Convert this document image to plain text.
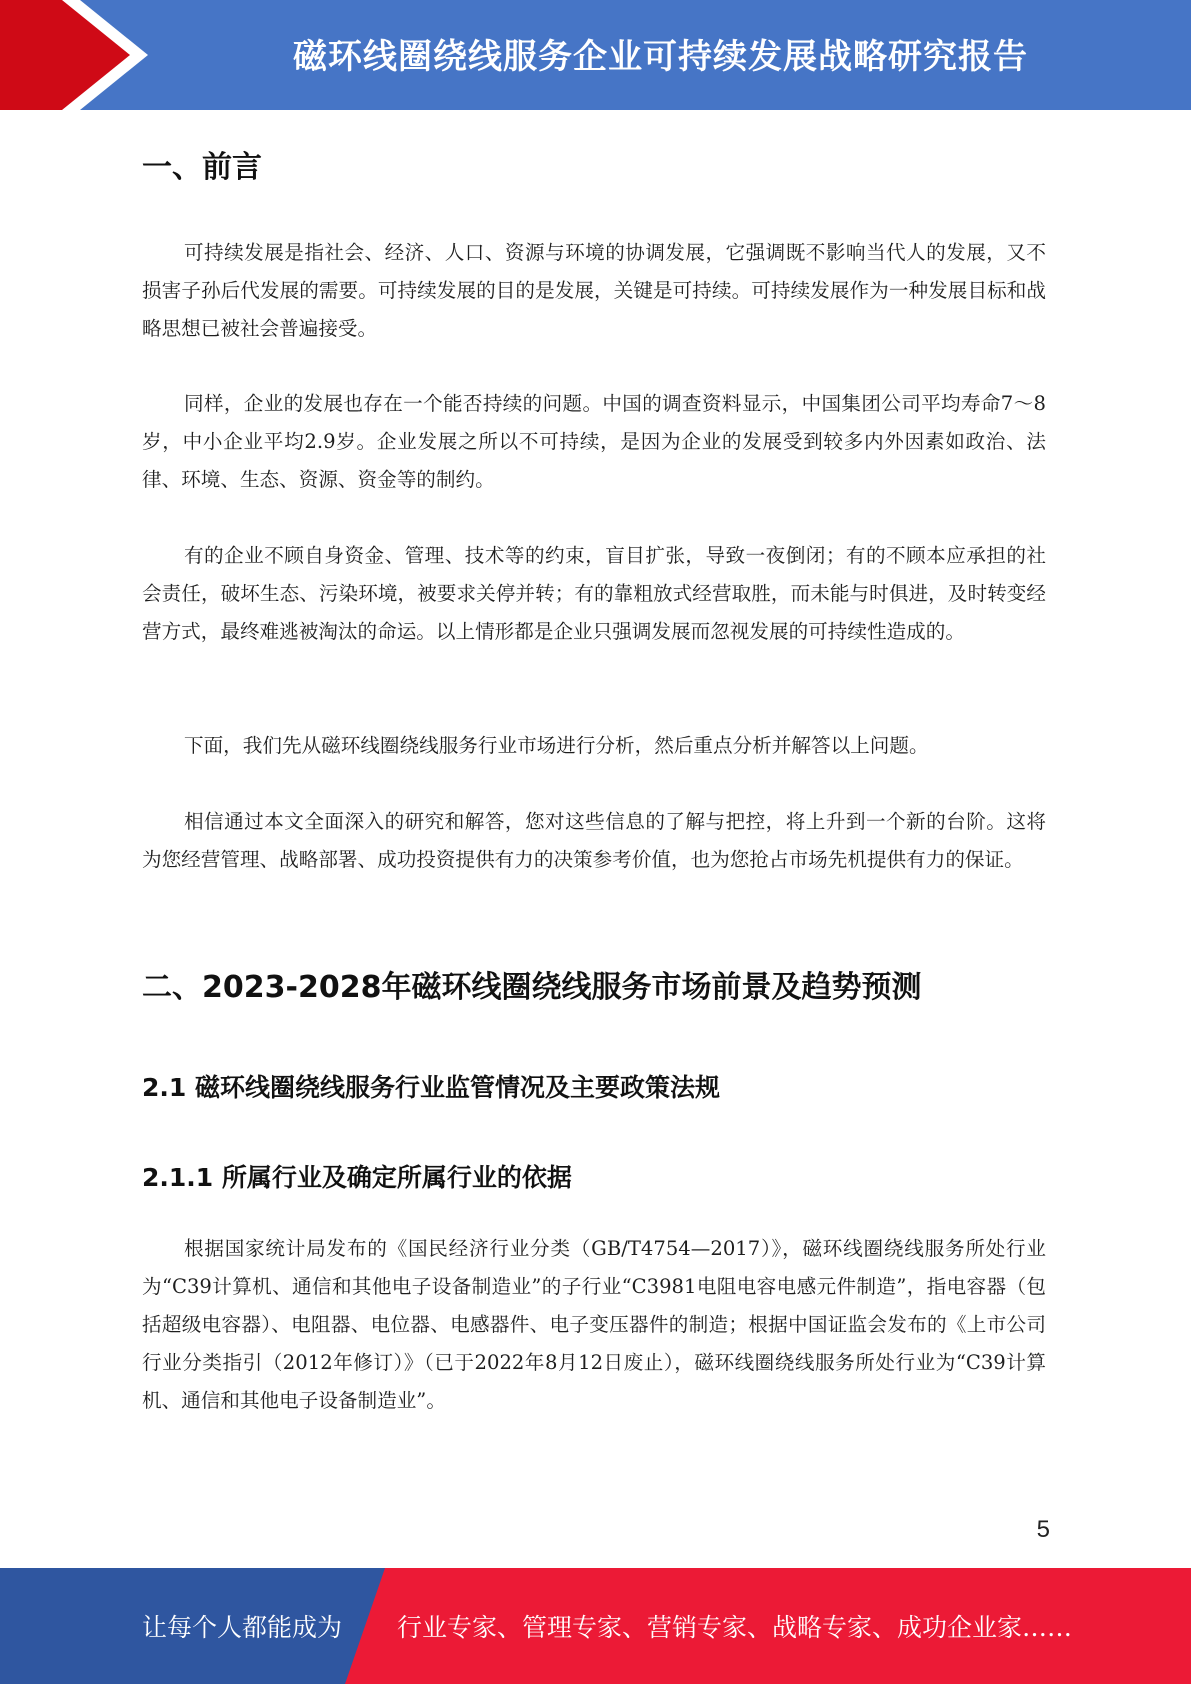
磁环线圈绕线服务企业可持续发展战略研究报告
一、前言

可持续发展是指社会、经济、人口、资源与环境的协调发展，它强调既不影响当代人的发展，又不损害子孙后代发展的需要。可持续发展的目的是发展，关键是可持续。可持续发展作为一种发展目标和战略思想已被社会普遍接受。

同样，企业的发展也存在一个能否持续的问题。中国的调查资料显示，中国集团公司平均寿命7～8岁，中小企业平均2.9岁。企业发展之所以不可持续，是因为企业的发展受到较多内外因素如政治、法律、环境、生态、资源、资金等的制约。

有的企业不顾自身资金、管理、技术等的约束，盲目扩张，导致一夜倒闭；有的不顾本应承担的社会责任，破坏生态、污染环境，被要求关停并转；有的靠粗放式经营取胜，而未能与时俱进，及时转变经营方式，最终难逃被淘汰的命运。以上情形都是企业只强调发展而忽视发展的可持续性造成的。

下面，我们先从磁环线圈绕线服务行业市场进行分析，然后重点分析并解答以上问题。

相信通过本文全面深入的研究和解答，您对这些信息的了解与把控，将上升到一个新的台阶。这将为您经营管理、战略部署、成功投资提供有力的决策参考价值，也为您抢占市场先机提供有力的保证。

二、2023-2028年磁环线圈绕线服务市场前景及趋势预测
2.1 磁环线圈绕线服务行业监管情况及主要政策法规
2.1.1 所属行业及确定所属行业的依据

根据国家统计局发布的《国民经济行业分类（GB/T4754—2017）》，磁环线圈绕线服务所处行业为“C39计算机、通信和其他电子设备制造业”的子行业“C3981电阻电容电感元件制造”，指电容器（包括超级电容器）、电阻器、电位器、电感器件、电子变压器件的制造；根据中国证监会发布的《上市公司行业分类指引（2012年修订）》（已于2022年8月12日废止），磁环线圈绕线服务所处行业为“C39计算机、通信和其他电子设备制造业”。

5
让每个人都能成为 行业专家、管理专家、营销专家、战略专家、成功企业家……
